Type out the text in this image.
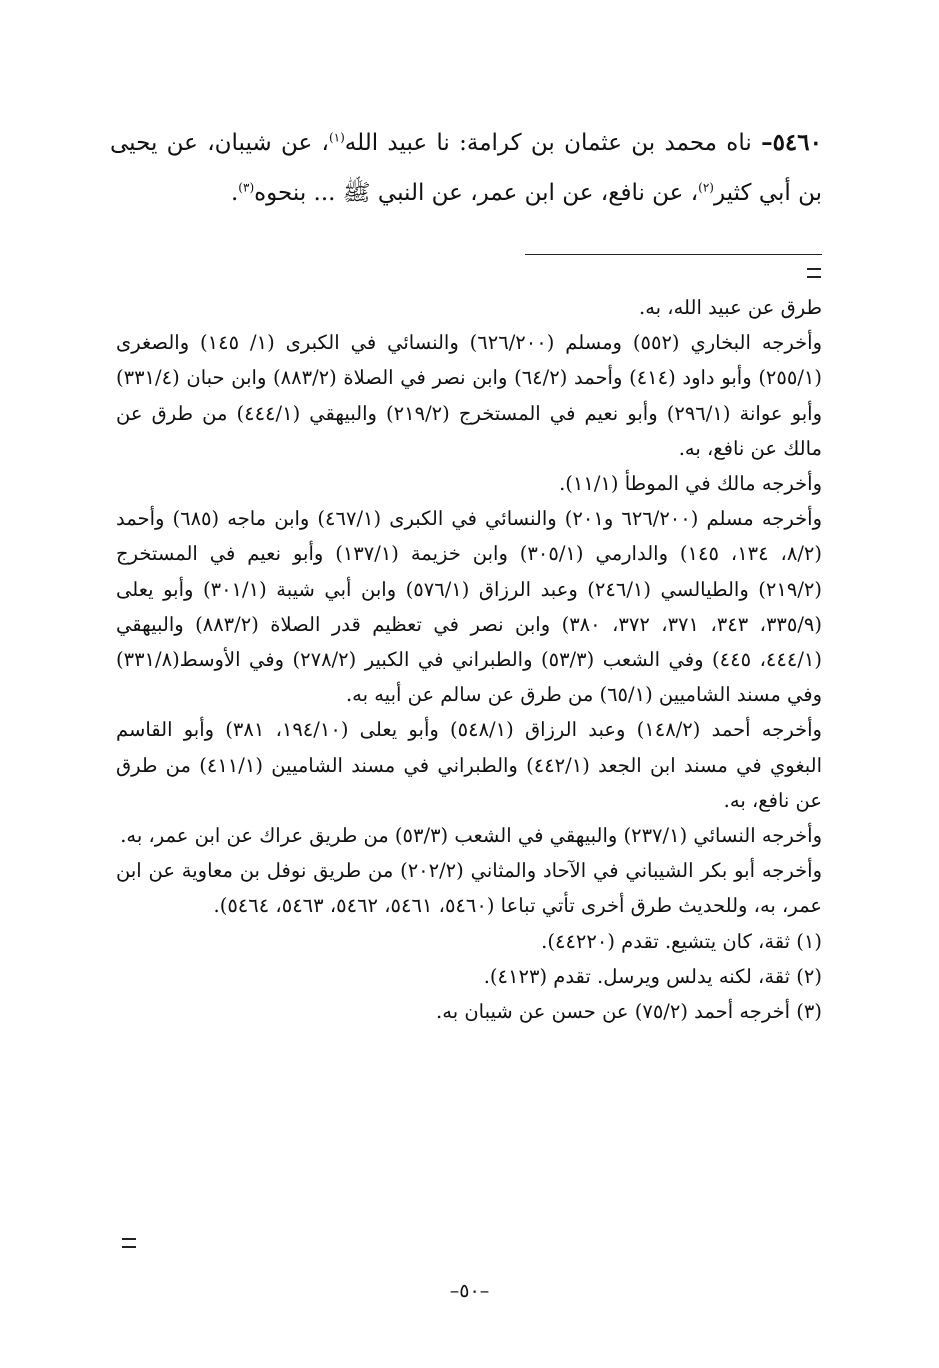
٥٤٦٠– ناه محمد بن عثمان بن كرامة: نا عبيد الله$^{(١)}$، عن شيبان، عن يحيى بن أبي كثير$^{(٢)}$، عن نافع، عن ابن عمر، عن النبي ﷺ ... بنحوه$^{(٣)}$.

طرق عن عبيد الله، به.

وأخرجه البخاري (٥٥٢) ومسلم (٦٢٦/٢٠٠) والنسائي في الكبرى (١/ ١٤٥) والصغرى (٢٥٥/١) وأبو داود (٤١٤) وأحمد (٦٤/٢) وابن نصر في الصلاة (٨٨٣/٢) وابن حبان (٣٣١/٤) وأبو عوانة (٢٩٦/١) وأبو نعيم في المستخرج (٢١٩/٢) والبيهقي (٤٤٤/١) من طرق عن مالك عن نافع، به.

وأخرجه مالك في الموطأ (١١/١).

وأخرجه مسلم (٦٢٦/٢٠٠ و٢٠١) والنسائي في الكبرى (٤٦٧/١) وابن ماجه (٦٨٥) وأحمد (٨/٢، ١٣٤، ١٤٥) والدارمي (٣٠٥/١) وابن خزيمة (١٣٧/١) وأبو نعيم في المستخرج (٢١٩/٢) والطيالسي (٢٤٦/١) وعبد الرزاق (٥٧٦/١) وابن أبي شيبة (٣٠١/١) وأبو يعلى (٣٣٥/٩، ٣٤٣، ٣٧١، ٣٧٢، ٣٨٠) وابن نصر في تعظيم قدر الصلاة (٨٨٣/٢) والبيهقي (٤٤٤/١، ٤٤٥) وفي الشعب (٥٣/٣) والطبراني في الكبير (٢٧٨/٢) وفي الأوسط(٣٣١/٨) وفي مسند الشاميين (٦٥/١) من طرق عن سالم عن أبيه به.

وأخرجه أحمد (١٤٨/٢) وعبد الرزاق (٥٤٨/١) وأبو يعلى (١٩٤/١٠، ٣٨١) وأبو القاسم البغوي في مسند ابن الجعد (٤٤٢/١) والطبراني في مسند الشاميين (٤١١/١) من طرق عن نافع، به.

وأخرجه النسائي (٢٣٧/١) والبيهقي في الشعب (٥٣/٣) من طريق عراك عن ابن عمر، به.

وأخرجه أبو بكر الشيباني في الآحاد والمثاني (٢٠٢/٢) من طريق نوفل بن معاوية عن ابن عمر، به، وللحديث طرق أخرى تأتي تباعا (٥٤٦٠، ٥٤٦١، ٥٤٦٢، ٥٤٦٣، ٥٤٦٤).

(١) ثقة، كان يتشيع. تقدم (٤٤٢٢٠).

(٢) ثقة، لكنه يدلس ويرسل. تقدم (٤١٢٣).

(٣) أخرجه أحمد (٧٥/٢) عن حسن عن شيبان به.

–٥٠–
